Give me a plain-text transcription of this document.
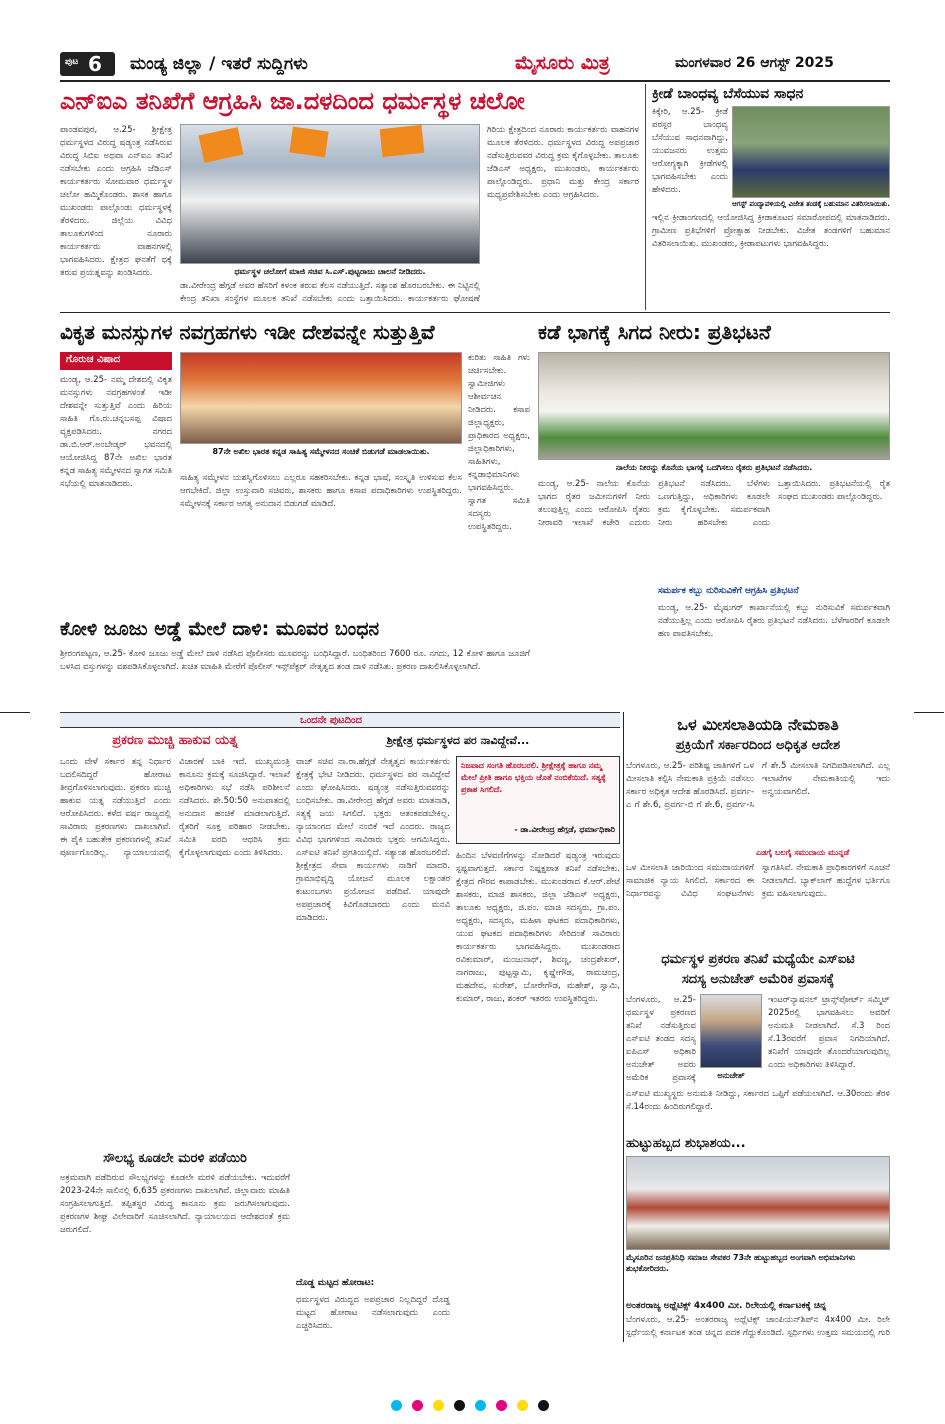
ಪುಟ 6 ಮಂಡ್ಯ ಜಿಲ್ಲಾ / ಇತರೆ ಸುದ್ದಿಗಳು	ಮೈಸೂರು ಮಿತ್ರ	ಮಂಗಳವಾರ 26 ಆಗಸ್ಟ್ 2025
ಎನ್‌ಐಎ ತನಿಖೆಗೆ ಆಗ್ರಹಿಸಿ ಜಾ.ದಳದಿಂದ ಧರ್ಮಸ್ಥಳ ಚಲೋ
ಪಾಂಡವಪುರ, ಆ.25- ಶ್ರೀಕ್ಷೇತ್ರ ಧರ್ಮಸ್ಥಳದ ವಿರುದ್ಧ ಷಡ್ಯಂತ್ರ ನಡೆಸಿರುವ ವಿರುದ್ಧ ಸಿಬಿಐ ಅಥವಾ ಎನ್‌ಐಎ ತನಿಖೆ ನಡೆಸಬೇಕು ಎಂದು ಆಗ್ರಹಿಸಿ ಜೆಡಿಎಸ್ ಕಾರ್ಯಕರ್ತರು ಸೋಮವಾರ ಧರ್ಮಸ್ಥಳ ಚಲೋ ಹಮ್ಮಿಕೊಂಡರು. ಶಾಸಕ ಹಾಗೂ ಮುಖಂಡರು ಪಾಲ್ಗೊಂಡು ಧರ್ಮಸ್ಥಳಕ್ಕೆ ತೆರಳಿದರು. ಜಿಲ್ಲೆಯ ವಿವಿಧ ತಾಲೂಕುಗಳಿಂದ ನೂರಾರು ಕಾರ್ಯಕರ್ತರು ವಾಹನಗಳಲ್ಲಿ ಭಾಗವಹಿಸಿದರು. ಕ್ಷೇತ್ರದ ಘನತೆಗೆ ಧಕ್ಕೆ ತರುವ ಪ್ರಯತ್ನವನ್ನು ಖಂಡಿಸಿದರು.	ಧರ್ಮಸ್ಥಳ ಚಲೋಗೆ ಮಾಜಿ ಸಚಿವ ಸಿ.ಎಸ್.ಪುಟ್ಟರಾಜು ಚಾಲನೆ ನೀಡಿದರು.
ಡಾ.ವೀರೇಂದ್ರ ಹೆಗ್ಗಡೆ ಅವರ ಹೆಸರಿಗೆ ಕಳಂಕ ತರುವ ಕೆಲಸ ನಡೆಯುತ್ತಿದೆ. ಸತ್ಯಾಂಶ ಹೊರಬರಬೇಕು. ಈ ನಿಟ್ಟಿನಲ್ಲಿ ಕೇಂದ್ರ ತನಿಖಾ ಸಂಸ್ಥೆಗಳ ಮೂಲಕ ತನಿಖೆ ನಡೆಸಬೇಕು ಎಂದು ಒತ್ತಾಯಿಸಿದರು. ಕಾರ್ಯಕರ್ತರು ಘೋಷಣೆ
ಗಿರಿಯ ಕ್ಷೇತ್ರದಿಂದ ನೂರಾರು ಕಾರ್ಯಕರ್ತರು ವಾಹನಗಳ ಮೂಲಕ ತೆರಳಿದರು. ಧರ್ಮಸ್ಥಳದ ವಿರುದ್ಧ ಅಪಪ್ರಚಾರ ನಡೆಸುತ್ತಿರುವವರ ವಿರುದ್ಧ ಕ್ರಮ ಕೈಗೊಳ್ಳಬೇಕು. ತಾಲೂಕು ಜೆಡಿಎಸ್ ಅಧ್ಯಕ್ಷರು, ಮುಖಂಡರು, ಕಾರ್ಯಕರ್ತರು ಪಾಲ್ಗೊಂಡಿದ್ದರು. ಪ್ರಧಾನಿ ಮತ್ತು ಕೇಂದ್ರ ಸರ್ಕಾರ ಮಧ್ಯಪ್ರವೇಶಿಸಬೇಕು ಎಂದು ಆಗ್ರಹಿಸಿದರು.
ಕ್ರೀಡೆ ಬಾಂಧವ್ಯ ಬೆಸೆಯುವ ಸಾಧನ
ಕಿಕ್ಕೇರಿ, ಆ.25- ಕ್ರೀಡೆ ಪರಸ್ಪರ ಬಾಂಧವ್ಯ ಬೆಸೆಯುವ ಸಾಧನವಾಗಿದ್ದು, ಯುವಜನರು ಉತ್ತಮ ಆರೋಗ್ಯಕ್ಕಾಗಿ ಕ್ರೀಡೆಗಳಲ್ಲಿ ಭಾಗವಹಿಸಬೇಕು ಎಂದು ಹೇಳಿದರು.
ಆಗಸ್ಟ್ ಪಂದ್ಯಾವಳಿಯಲ್ಲಿ ವಿಜೇತ ತಂಡಕ್ಕೆ ಬಹುಮಾನ ವಿತರಿಸಲಾಯಿತು.
ಇಲ್ಲಿನ ಕ್ರೀಡಾಂಗಣದಲ್ಲಿ ಆಯೋಜಿಸಿದ್ದ ಕ್ರೀಡಾಕೂಟದ ಸಮಾರೋಪದಲ್ಲಿ ಮಾತನಾಡಿದರು. ಗ್ರಾಮೀಣ ಪ್ರತಿಭೆಗಳಿಗೆ ಪ್ರೋತ್ಸಾಹ ನೀಡಬೇಕು. ವಿಜೇತ ತಂಡಗಳಿಗೆ ಬಹುಮಾನ ವಿತರಿಸಲಾಯಿತು. ಮುಖಂಡರು, ಕ್ರೀಡಾಪಟುಗಳು ಭಾಗವಹಿಸಿದ್ದರು.
ವಿಕೃತ ಮನಸ್ಸುಗಳ ನವಗ್ರಹಗಳು ಇಡೀ ದೇಶವನ್ನೇ ಸುತ್ತುತ್ತಿವೆ
ಗೊರುಚ ವಿಷಾದ
ಮಂಡ್ಯ, ಆ.25- ನಮ್ಮ ದೇಶದಲ್ಲಿ ವಿಕೃತ ಮನಸ್ಸುಗಳು ನವಗ್ರಹಗಳಂತೆ ಇಡೀ ದೇಶವನ್ನೇ ಸುತ್ತುತ್ತಿವೆ ಎಂದು ಹಿರಿಯ ಸಾಹಿತಿ ಗೊ.ರು.ಚನ್ನಬಸಪ್ಪ ವಿಷಾದ ವ್ಯಕ್ತಪಡಿಸಿದರು. ನಗರದ ಡಾ.ಬಿ.ಆರ್.ಅಂಬೇಡ್ಕರ್ ಭವನದಲ್ಲಿ ಆಯೋಜಿಸಿದ್ದ 87ನೇ ಅಖಿಲ ಭಾರತ ಕನ್ನಡ ಸಾಹಿತ್ಯ ಸಮ್ಮೇಳನದ ಸ್ವಾಗತ ಸಮಿತಿ ಸಭೆಯಲ್ಲಿ ಮಾತನಾಡಿದರು.
87ನೇ ಅಖಿಲ ಭಾರತ ಕನ್ನಡ ಸಾಹಿತ್ಯ ಸಮ್ಮೇಳನದ ಸಂಚಿಕೆ ಬಿಡುಗಡೆ ಮಾಡಲಾಯಿತು.
ಸಾಹಿತ್ಯ ಸಮ್ಮೇಳನ ಯಶಸ್ವಿಗೊಳಿಸಲು ಎಲ್ಲರೂ ಸಹಕರಿಸಬೇಕು. ಕನ್ನಡ ಭಾಷೆ, ಸಂಸ್ಕೃತಿ ಉಳಿಸುವ ಕೆಲಸ ಆಗಬೇಕಿದೆ. ಜಿಲ್ಲಾ ಉಸ್ತುವಾರಿ ಸಚಿವರು, ಶಾಸಕರು ಹಾಗೂ ಕಸಾಪ ಪದಾಧಿಕಾರಿಗಳು ಉಪಸ್ಥಿತರಿದ್ದರು. ಸಮ್ಮೇಳನಕ್ಕೆ ಸರ್ಕಾರ ಅಗತ್ಯ ಅನುದಾನ ಬಿಡುಗಡೆ ಮಾಡಿದೆ.
ಕುರಿತು ಸಾಹಿತಿ ಗಳು ಚರ್ಚಿಸಬೇಕು. ಸ್ವಾಮೀಜಿಗಳು ಆಶೀರ್ವಚನ ನೀಡಿದರು. ಕಸಾಪ ಜಿಲ್ಲಾಧ್ಯಕ್ಷರು, ಪ್ರಾಧಿಕಾರದ ಅಧ್ಯಕ್ಷರು, ಜಿಲ್ಲಾಧಿಕಾರಿಗಳು, ಸಾಹಿತಿಗಳು, ಕನ್ನಡಾಭಿಮಾನಿಗಳು ಭಾಗವಹಿಸಿದ್ದರು. ಸ್ವಾಗತ ಸಮಿತಿ ಸದಸ್ಯರು ಉಪಸ್ಥಿತರಿದ್ದರು.
ಕಡೆ ಭಾಗಕ್ಕೆ ಸಿಗದ ನೀರು: ಪ್ರತಿಭಟನೆ
ನಾಲೆಯ ನೀರನ್ನು ಕೊನೆಯ ಭಾಗಕ್ಕೆ ಒದಗಿಸಲು ರೈತರು ಪ್ರತಿಭಟನೆ ನಡೆಸಿದರು.
ಮಂಡ್ಯ, ಆ.25- ನಾಲೆಯ ಕೊನೆಯ ಭಾಗದ ರೈತರ ಜಮೀನುಗಳಿಗೆ ನೀರು ತಲುಪುತ್ತಿಲ್ಲ ಎಂದು ಆರೋಪಿಸಿ ರೈತರು ನೀರಾವರಿ ಇಲಾಖೆ ಕಚೇರಿ ಎದುರು ಪ್ರತಿಭಟನೆ ನಡೆಸಿದರು. ಬೆಳೆಗಳು ಒಣಗುತ್ತಿದ್ದು, ಅಧಿಕಾರಿಗಳು ಕೂಡಲೇ ಕ್ರಮ ಕೈಗೊಳ್ಳಬೇಕು. ಸಮರ್ಪಕವಾಗಿ ನೀರು ಹರಿಸಬೇಕು ಎಂದು ಒತ್ತಾಯಿಸಿದರು. ಪ್ರತಿಭಟನೆಯಲ್ಲಿ ರೈತ ಸಂಘದ ಮುಖಂಡರು ಪಾಲ್ಗೊಂಡಿದ್ದರು.
ಸಮರ್ಪಕ ಕಬ್ಬು ನುರಿಸುವಿಕೆಗೆ ಆಗ್ರಹಿಸಿ ಪ್ರತಿಭಟನೆ
ಮಂಡ್ಯ, ಆ.25- ಮೈಷುಗರ್ ಕಾರ್ಖಾನೆಯಲ್ಲಿ ಕಬ್ಬು ನುರಿಸುವಿಕೆ ಸಮರ್ಪಕವಾಗಿ ನಡೆಯುತ್ತಿಲ್ಲ ಎಂದು ಆರೋಪಿಸಿ ರೈತರು ಪ್ರತಿಭಟನೆ ನಡೆಸಿದರು. ಬೆಳೆಗಾರರಿಗೆ ಕೂಡಲೇ ಹಣ ಪಾವತಿಸಬೇಕು.
ಕೋಳಿ ಜೂಜು ಅಡ್ಡೆ ಮೇಲೆ ದಾಳಿ: ಮೂವರ ಬಂಧನ
ಶ್ರೀರಂಗಪಟ್ಟಣ, ಆ.25- ಕೋಳಿ ಜೂಜು ಅಡ್ಡೆ ಮೇಲೆ ದಾಳಿ ನಡೆಸಿದ ಪೊಲೀಸರು ಮೂವರನ್ನು ಬಂಧಿಸಿದ್ದಾರೆ. ಬಂಧಿತರಿಂದ 7600 ರೂ. ನಗದು, 12 ಕೋಳಿ ಹಾಗೂ ಜೂಜಿಗೆ ಬಳಸಿದ ವಸ್ತುಗಳನ್ನು ವಶಪಡಿಸಿಕೊಳ್ಳಲಾಗಿದೆ. ಖಚಿತ ಮಾಹಿತಿ ಮೇರೆಗೆ ಪೊಲೀಸ್ ಇನ್ಸ್‌ಪೆಕ್ಟರ್ ನೇತೃತ್ವದ ತಂಡ ದಾಳಿ ನಡೆಸಿತು. ಪ್ರಕರಣ ದಾಖಲಿಸಿಕೊಳ್ಳಲಾಗಿದೆ.
ಒಂದನೇ ಪುಟದಿಂದ
ಪ್ರಕರಣ ಮುಚ್ಚಿ ಹಾಕುವ ಯತ್ನ
ಒಂದು ವೇಳೆ ಸರ್ಕಾರ ತನ್ನ ನಿರ್ಧಾರ ಬದಲಿಸದಿದ್ದರೆ ಹೋರಾಟ ತೀವ್ರಗೊಳಿಸಲಾಗುವುದು. ಪ್ರಕರಣ ಮುಚ್ಚಿ ಹಾಕುವ ಯತ್ನ ನಡೆಯುತ್ತಿದೆ ಎಂದು ಆರೋಪಿಸಿದರು. ಕಳೆದ ವರ್ಷ ರಾಜ್ಯದಲ್ಲಿ ಸಾವಿರಾರು ಪ್ರಕರಣಗಳು ದಾಖಲಾಗಿವೆ. ಈ ಪೈಕಿ ಬಹುತೇಕ ಪ್ರಕರಣಗಳಲ್ಲಿ ತನಿಖೆ ಪೂರ್ಣಗೊಂಡಿಲ್ಲ. ನ್ಯಾಯಾಲಯದಲ್ಲಿ ವಿಚಾರಣೆ ಬಾಕಿ ಇದೆ. ಮುಖ್ಯಮಂತ್ರಿ ಕಾನೂನು ಕ್ರಮಕ್ಕೆ ಸೂಚಿಸಿದ್ದಾರೆ. ಇಲಾಖೆ ಅಧಿಕಾರಿಗಳು ಸಭೆ ನಡೆಸಿ ಪರಿಶೀಲನೆ ನಡೆಸಿದರು. ಶೇ.50:50 ಅನುಪಾತದಲ್ಲಿ ಅನುದಾನ ಹಂಚಿಕೆ ಮಾಡಲಾಗುತ್ತಿದೆ. ರೈತರಿಗೆ ಸೂಕ್ತ ಪರಿಹಾರ ನೀಡಬೇಕು. ಸಮಿತಿ ವರದಿ ಆಧರಿಸಿ ಕ್ರಮ ಕೈಗೊಳ್ಳಲಾಗುವುದು ಎಂದು ತಿಳಿಸಿದರು.
ಸೌಲಭ್ಯ ಕೂಡಲೇ ಮರಳಿ ಪಡೆಯಿರಿ
ಅಕ್ರಮವಾಗಿ ಪಡೆದಿರುವ ಸೌಲಭ್ಯಗಳನ್ನು ಕೂಡಲೇ ಮರಳಿ ಪಡೆಯಬೇಕು. ಇದುವರೆಗೆ 2023-24ನೇ ಸಾಲಿನಲ್ಲಿ 6,635 ಪ್ರಕರಣಗಳು ದಾಖಲಾಗಿವೆ. ಜಿಲ್ಲಾವಾರು ಮಾಹಿತಿ ಸಂಗ್ರಹಿಸಲಾಗುತ್ತಿದೆ. ತಪ್ಪಿತಸ್ಥರ ವಿರುದ್ಧ ಕಾನೂನು ಕ್ರಮ ಜರುಗಿಸಲಾಗುವುದು. ಪ್ರಕರಣಗಳ ಶೀಘ್ರ ವಿಲೇವಾರಿಗೆ ಸೂಚಿಸಲಾಗಿದೆ. ನ್ಯಾಯಾಲಯದ ಆದೇಶದಂತೆ ಕ್ರಮ ಜರುಗಲಿದೆ.
ಶ್ರೀಕ್ಷೇತ್ರ ಧರ್ಮಸ್ಥಳದ ಪರ ನಾವಿದ್ದೇವೆ...
ವಾಜ್ ಸಚಿವ ನಾ.ರಾ.ಹೆಗ್ಗಡೆ ನೇತೃತ್ವದ ಕಾರ್ಯಕರ್ತರು ಕ್ಷೇತ್ರಕ್ಕೆ ಭೇಟಿ ನೀಡಿದರು. ಧರ್ಮಸ್ಥಳದ ಪರ ನಾವಿದ್ದೇವೆ ಎಂದು ಘೋಷಿಸಿದರು. ಷಡ್ಯಂತ್ರ ನಡೆಸುತ್ತಿರುವವರನ್ನು ಬಂಧಿಸಬೇಕು. ಡಾ.ವೀರೇಂದ್ರ ಹೆಗ್ಗಡೆ ಅವರು ಮಾತನಾಡಿ, ಸತ್ಯಕ್ಕೆ ಜಯ ಸಿಗಲಿದೆ. ಭಕ್ತರು ಆತಂಕಪಡಬೇಕಿಲ್ಲ. ನ್ಯಾಯಾಂಗದ ಮೇಲೆ ನಂಬಿಕೆ ಇದೆ ಎಂದರು. ರಾಜ್ಯದ ವಿವಿಧ ಭಾಗಗಳಿಂದ ಸಾವಿರಾರು ಭಕ್ತರು ಆಗಮಿಸಿದ್ದರು. ಎಸ್‌ಐಟಿ ತನಿಖೆ ಪ್ರಗತಿಯಲ್ಲಿದೆ. ಸತ್ಯಾಂಶ ಹೊರಬರಲಿದೆ. ಶ್ರೀಕ್ಷೇತ್ರದ ಸೇವಾ ಕಾರ್ಯಗಳು ನಾಡಿಗೆ ಮಾದರಿ. ಗ್ರಾಮಾಭಿವೃದ್ಧಿ ಯೋಜನೆ ಮೂಲಕ ಲಕ್ಷಾಂತರ ಕುಟುಂಬಗಳು ಪ್ರಯೋಜನ ಪಡೆದಿವೆ. ಯಾವುದೇ ಅಪಪ್ರಚಾರಕ್ಕೆ ಕಿವಿಗೊಡಬಾರದು ಎಂದು ಮನವಿ ಮಾಡಿದರು.
ದೊಡ್ಡ ಮಟ್ಟದ ಹೋರಾಟ:
ಧರ್ಮಸ್ಥಳದ ವಿರುದ್ಧದ ಅಪಪ್ರಚಾರ ನಿಲ್ಲದಿದ್ದರೆ ದೊಡ್ಡ ಮಟ್ಟದ ಹೋರಾಟ ನಡೆಸಲಾಗುವುದು ಎಂದು ಎಚ್ಚರಿಸಿದರು.
ನಿಜವಾದ ಸಂಗತಿ ಹೊರಬರಲಿ. ಶ್ರೀಕ್ಷೇತ್ರಕ್ಕೆ ಹಾಗೂ ನಮ್ಮ ಮೇಲೆ ಪ್ರೀತಿ ಹಾಗೂ ಭಕ್ತಿಯ ಜೊತೆ ನಂಬಿಕೆಯಿದೆ. ಸತ್ಯಕ್ಕೆ ಪ್ರಕಾಶ ಸಿಗಲಿದೆ.
- ಡಾ.ವೀರೇಂದ್ರ ಹೆಗ್ಗಡೆ, ಧರ್ಮಾಧಿಕಾರಿ
ಹಿಂದಿನ ಬೆಳವಣಿಗೆಗಳನ್ನು ನೋಡಿದರೆ ಷಡ್ಯಂತ್ರ ಇರುವುದು ಸ್ಪಷ್ಟವಾಗುತ್ತದೆ. ಸರ್ಕಾರ ನಿಷ್ಪಕ್ಷಪಾತ ತನಿಖೆ ನಡೆಸಬೇಕು. ಕ್ಷೇತ್ರದ ಗೌರವ ಕಾಪಾಡಬೇಕು. ಮುಖಂಡರಾದ ಕೆ.ಆರ್.ಪೇಟೆ ಶಾಸಕರು, ಮಾಜಿ ಶಾಸಕರು, ಜಿಲ್ಲಾ ಜೆಡಿಎಸ್ ಅಧ್ಯಕ್ಷರು, ತಾಲೂಕು ಅಧ್ಯಕ್ಷರು, ಜಿ.ಪಂ. ಮಾಜಿ ಸದಸ್ಯರು, ಗ್ರಾ.ಪಂ. ಅಧ್ಯಕ್ಷರು, ಸದಸ್ಯರು, ಮಹಿಳಾ ಘಟಕದ ಪದಾಧಿಕಾರಿಗಳು, ಯುವ ಘಟಕದ ಪದಾಧಿಕಾರಿಗಳು ಸೇರಿದಂತೆ ಸಾವಿರಾರು ಕಾರ್ಯಕರ್ತರು ಭಾಗವಹಿಸಿದ್ದರು. ಮುಖಂಡರಾದ ರವಿಕುಮಾರ್, ಮಂಜುನಾಥ್, ಶಿವಣ್ಣ, ಚಂದ್ರಶೇಖರ್, ನಾಗರಾಜು, ಪುಟ್ಟಸ್ವಾಮಿ, ಕೃಷ್ಣೇಗೌಡ, ರಾಮಚಂದ್ರ, ಮಹದೇವ, ಸುರೇಶ್, ಬೋರೇಗೌಡ, ಮಹೇಶ್, ಸ್ವಾಮಿ, ಕುಮಾರ್, ರಾಜು, ಶಂಕರ್ ಇತರರು ಉಪಸ್ಥಿತರಿದ್ದರು.
ಒಳ ಮೀಸಲಾತಿಯಡಿ ನೇಮಕಾತಿ
ಪ್ರಕ್ರಿಯೆಗೆ ಸರ್ಕಾರದಿಂದ ಅಧಿಕೃತ ಆದೇಶ
ಬೆಂಗಳೂರು, ಆ.25- ಪರಿಶಿಷ್ಟ ಜಾತಿಗಳಿಗೆ ಒಳ ಮೀಸಲಾತಿ ಕಲ್ಪಿಸಿ ನೇಮಕಾತಿ ಪ್ರಕ್ರಿಯೆ ನಡೆಸಲು ಸರ್ಕಾರ ಅಧಿಕೃತ ಆದೇಶ ಹೊರಡಿಸಿದೆ. ಪ್ರವರ್ಗ-ಎ ಗೆ ಶೇ.6, ಪ್ರವರ್ಗ-ಬಿ ಗೆ ಶೇ.6, ಪ್ರವರ್ಗ-ಸಿ ಗೆ ಶೇ.5 ಮೀಸಲಾತಿ ನಿಗದಿಪಡಿಸಲಾಗಿದೆ. ಎಲ್ಲ ಇಲಾಖೆಗಳ ನೇಮಕಾತಿಯಲ್ಲಿ ಇದು ಅನ್ವಯವಾಗಲಿದೆ.
ಎಡಗೈ ಬಲಗೈ ಸಮುದಾಯ ಮುನ್ನಡೆ
ಒಳ ಮೀಸಲಾತಿ ಜಾರಿಯಿಂದ ಸಮುದಾಯಗಳಿಗೆ ಸಾಮಾಜಿಕ ನ್ಯಾಯ ಸಿಗಲಿದೆ. ಸರ್ಕಾರದ ಈ ನಿರ್ಧಾರವನ್ನು ವಿವಿಧ ಸಂಘಟನೆಗಳು ಸ್ವಾಗತಿಸಿವೆ. ನೇಮಕಾತಿ ಪ್ರಾಧಿಕಾರಗಳಿಗೆ ಸೂಚನೆ ನೀಡಲಾಗಿದೆ. ಬ್ಯಾಕ್‌ಲಾಗ್ ಹುದ್ದೆಗಳ ಭರ್ತಿಗೂ ಕ್ರಮ ವಹಿಸಲಾಗುವುದು.
ಧರ್ಮಸ್ಥಳ ಪ್ರಕರಣ ತನಿಖೆ ಮಧ್ಯೆಯೇ ಎಸ್‌ಐಟಿ
ಸದಸ್ಯ ಅನುಚೇತ್ ಅಮೆರಿಕ ಪ್ರವಾಸಕ್ಕೆ
ಬೆಂಗಳೂರು, ಆ.25- ಧರ್ಮಸ್ಥಳ ಪ್ರಕರಣದ ತನಿಖೆ ನಡೆಸುತ್ತಿರುವ ಎಸ್‌ಐಟಿ ತಂಡದ ಸದಸ್ಯ ಐಪಿಎಸ್ ಅಧಿಕಾರಿ ಅನುಚೇತ್ ಅವರು ಅಮೆರಿಕ ಪ್ರವಾಸಕ್ಕೆ	ಅನುಚೇತ್
ಇಂಟರ್‌ನ್ಯಾಷನಲ್ ಟ್ರಾನ್ಸ್‌ಪೋರ್ಟ್ ಸಮ್ಮಿಟ್ 2025ರಲ್ಲಿ ಭಾಗವಹಿಸಲು ಅವರಿಗೆ ಅನುಮತಿ ನೀಡಲಾಗಿದೆ. ಸೆ.3 ರಿಂದ ಸೆ.13ರವರೆಗೆ ಪ್ರವಾಸ ನಿಗದಿಯಾಗಿದೆ. ತನಿಖೆಗೆ ಯಾವುದೇ ತೊಂದರೆಯಾಗುವುದಿಲ್ಲ ಎಂದು ಅಧಿಕಾರಿಗಳು ತಿಳಿಸಿದ್ದಾರೆ.
ಎಸ್‌ಐಟಿ ಮುಖ್ಯಸ್ಥರು ಅನುಮತಿ ನೀಡಿದ್ದು, ಸರ್ಕಾರದ ಒಪ್ಪಿಗೆ ಪಡೆಯಲಾಗಿದೆ. ಆ.30ರಂದು ತೆರಳಿ ಸೆ.14ರಂದು ಹಿಂದಿರುಗಲಿದ್ದಾರೆ.
ಹುಟ್ಟುಹಬ್ಬದ ಶುಭಾಶಯ...
ಮೈಸೂರಿನ ಜನಪ್ರತಿನಿಧಿ ಸಮಾಜ ಸೇವಕರ 73ನೇ ಹುಟ್ಟುಹಬ್ಬದ ಅಂಗವಾಗಿ ಅಭಿಮಾನಿಗಳು ಶುಭಕೋರಿದರು.
ಅಂತರರಾಜ್ಯ ಅಥ್ಲೆಟಿಕ್ಸ್ 4x400 ಮೀ. ರಿಲೇಯಲ್ಲಿ ಕರ್ನಾಟಕಕ್ಕೆ ಚಿನ್ನ
ಬೆಂಗಳೂರು, ಆ.25- ಅಂತರರಾಜ್ಯ ಅಥ್ಲೆಟಿಕ್ಸ್ ಚಾಂಪಿಯನ್‌ಶಿಪ್‌ನ 4x400 ಮೀ. ರಿಲೇ ಸ್ಪರ್ಧೆಯಲ್ಲಿ ಕರ್ನಾಟಕ ತಂಡ ಚಿನ್ನದ ಪದಕ ಗೆದ್ದುಕೊಂಡಿದೆ. ಸ್ಪರ್ಧಿಗಳು ಉತ್ತಮ ಸಮಯದಲ್ಲಿ ಗುರಿ
